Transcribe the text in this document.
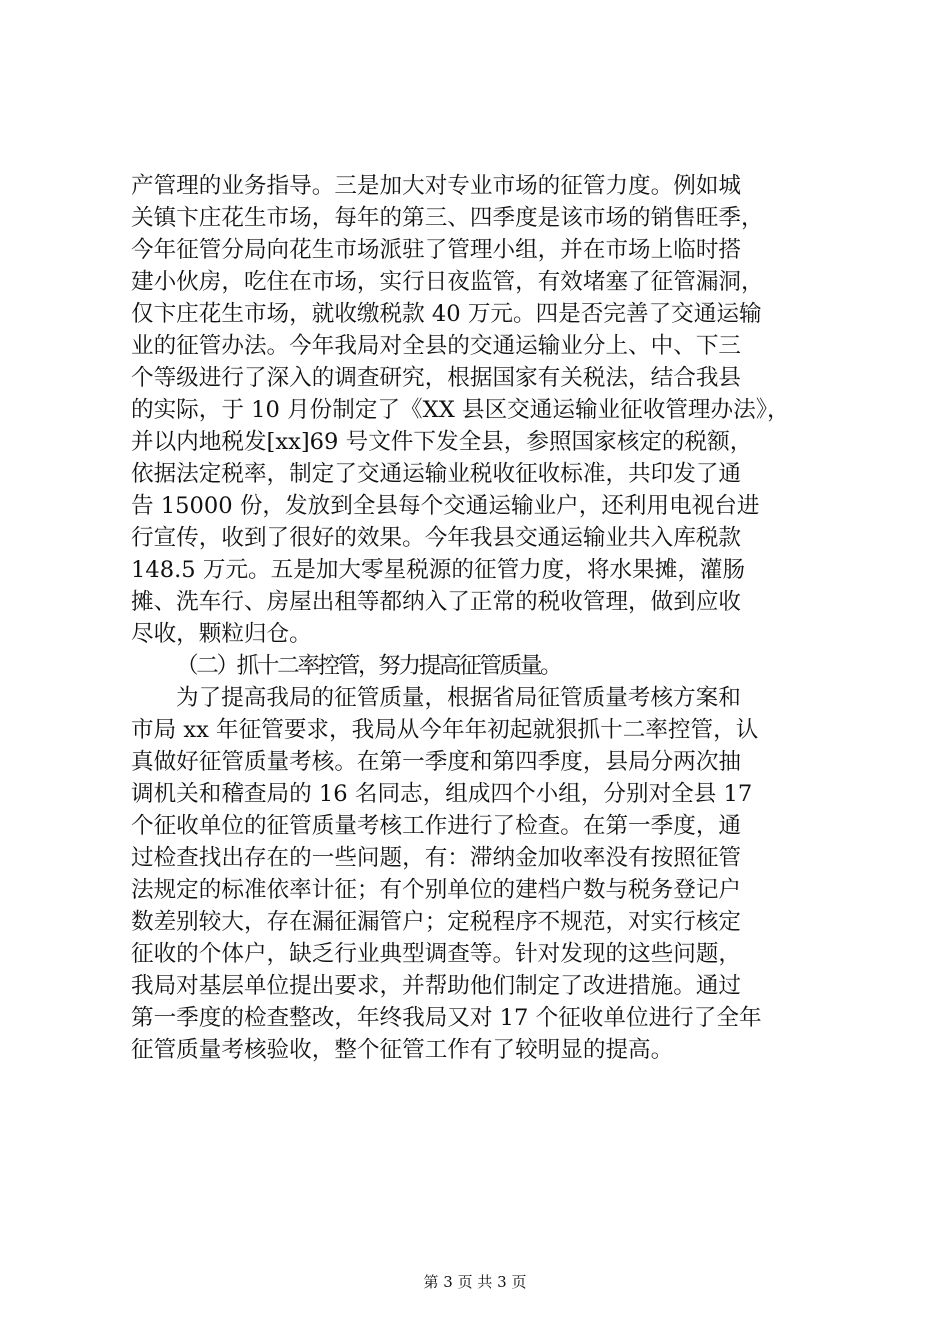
产管理的业务指导。三是加大对专业市场的征管力度。例如城
关镇卞庄花生市场，每年的第三、四季度是该市场的销售旺季，
今年征管分局向花生市场派驻了管理小组，并在市场上临时搭
建小伙房，吃住在市场，实行日夜监管，有效堵塞了征管漏洞，
仅卞庄花生市场，就收缴税款 40 万元。四是否完善了交通运输
业的征管办法。今年我局对全县的交通运输业分上、中、下三
个等级进行了深入的调查研究，根据国家有关税法，结合我县
的实际，于 10 月份制定了《XX 县区交通运输业征收管理办法》，
并以内地税发[xx]69 号文件下发全县，参照国家核定的税额，
依据法定税率，制定了交通运输业税收征收标准，共印发了通
告 15000 份，发放到全县每个交通运输业户，还利用电视台进
行宣传，收到了很好的效果。今年我县交通运输业共入库税款
148.5 万元。五是加大零星税源的征管力度，将水果摊，灌肠
摊、洗车行、房屋出租等都纳入了正常的税收管理，做到应收
尽收，颗粒归仓。
（二）抓十二率控管，努力提高征管质量。
为了提高我局的征管质量，根据省局征管质量考核方案和
市局 xx 年征管要求，我局从今年年初起就狠抓十二率控管，认
真做好征管质量考核。在第一季度和第四季度，县局分两次抽
调机关和稽查局的 16 名同志，组成四个小组，分别对全县 17
个征收单位的征管质量考核工作进行了检查。在第一季度，通
过检查找出存在的一些问题，有：滞纳金加收率没有按照征管
法规定的标准依率计征；有个别单位的建档户数与税务登记户
数差别较大，存在漏征漏管户；定税程序不规范，对实行核定
征收的个体户，缺乏行业典型调查等。针对发现的这些问题，
我局对基层单位提出要求，并帮助他们制定了改进措施。通过
第一季度的检查整改，年终我局又对 17 个征收单位进行了全年
征管质量考核验收，整个征管工作有了较明显的提高。
第 3 页 共 3 页
